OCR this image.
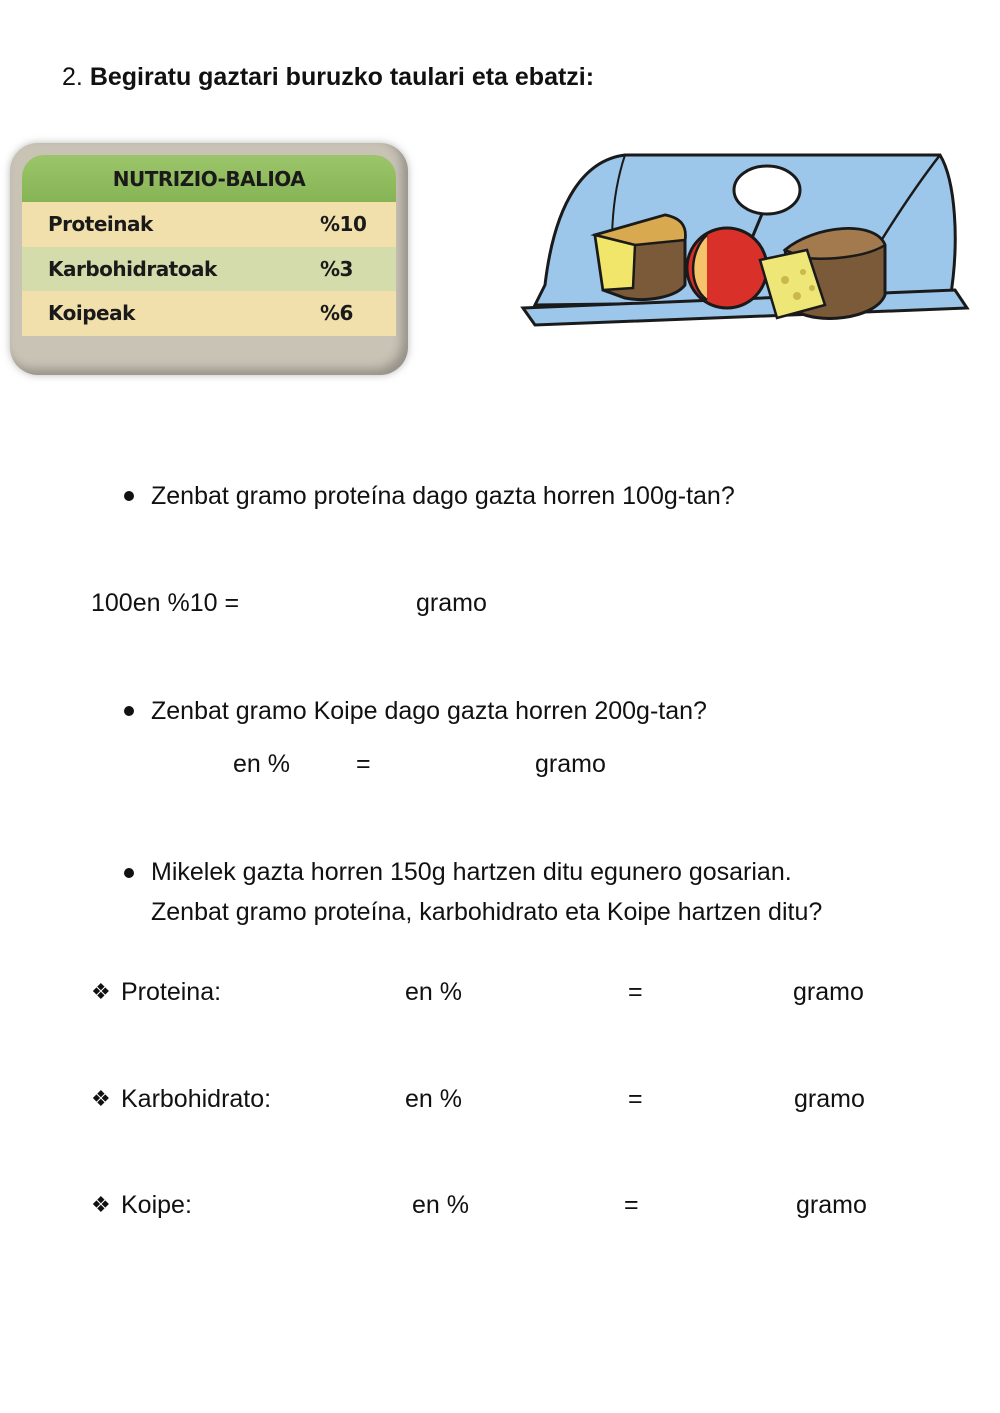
2. Begiratu gaztari buruzko taulari eta ebatzi:
NUTRIZIO-BALIOA
Proteinak	%10
Karbohidratoak	%3
Koipeak	%6
Zenbat gramo proteína dago gazta horren 100g-tan?
100en %10 =	gramo
Zenbat gramo Koipe dago gazta horren 200g-tan?
en %	=	gramo
Mikelek gazta horren 150g hartzen ditu egunero gosarian.
Zenbat gramo proteína, karbohidrato eta Koipe hartzen ditu?
❖ Proteina:	en %	=	gramo
❖ Karbohidrato:	en %	=	gramo
❖ Koipe:	en %	=	gramo
